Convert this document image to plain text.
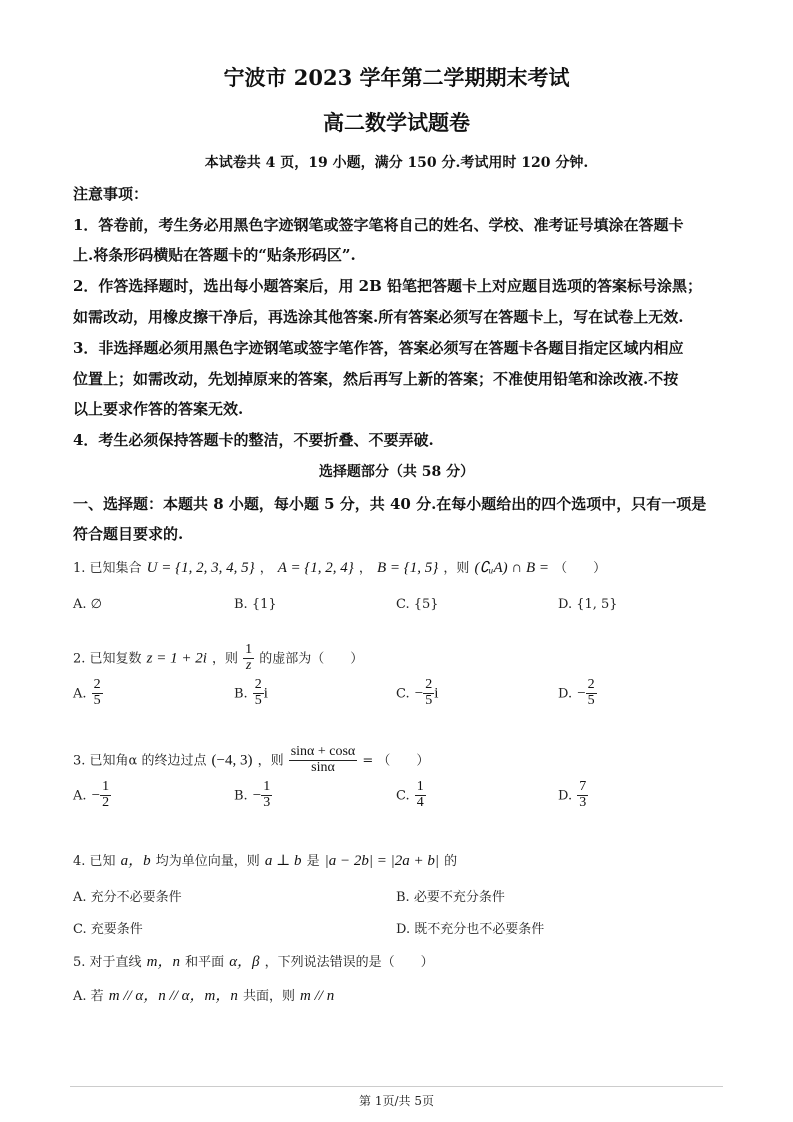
宁波市 2023 学年第二学期期末考试
高二数学试题卷
本试卷共 4 页，19 小题，满分 150 分.考试用时 120 分钟.
注意事项：
1．答卷前，考生务必用黑色字迹钢笔或签字笔将自己的姓名、学校、准考证号填涂在答题卡
上.将条形码横贴在答题卡的“贴条形码区”.
2．作答选择题时，选出每小题答案后，用 2B 铅笔把答题卡上对应题目选项的答案标号涂黑；
如需改动，用橡皮擦干净后，再选涂其他答案.所有答案必须写在答题卡上，写在试卷上无效.
3．非选择题必须用黑色字迹钢笔或签字笔作答，答案必须写在答题卡各题目指定区域内相应
位置上；如需改动，先划掉原来的答案，然后再写上新的答案；不准使用铅笔和涂改液.不按
以上要求作答的答案无效.
4．考生必须保持答题卡的整洁，不要折叠、不要弄破.
选择题部分（共 58 分）
一、选择题：本题共 8 小题，每小题 5 分，共 40 分.在每小题给出的四个选项中，只有一项是
符合题目要求的.
1. 已知集合 U = {1, 2, 3, 4, 5} ， A = {1, 2, 4} ， B = {1, 5} ，则 (∁ᵤA) ∩ B = （　　）
A. ∅	B. {1}	C. {5}	D. {1, 5}
2. 已知复数 z = 1 + 2i ，则 $\frac{1}{z}$ 的虚部为（　　）
A. $\frac{2}{5}$	B. $\frac{2}{5}$ i	C. − $\frac{2}{5}$ i	D. − $\frac{2}{5}$
3. 已知角α 的终边过点 (−4, 3) ，则 $\frac{\sin\alpha + \cos\alpha}{\sin\alpha}$ = （　　）
A. − $\frac{1}{2}$	B. − $\frac{1}{3}$	C. $\frac{1}{4}$	D. $\frac{7}{3}$
4. 已知 a，b 均为单位向量，则 a ⊥ b 是 |a − 2b| = |2a + b| 的
A. 充分不必要条件	B. 必要不充分条件
C. 充要条件	D. 既不充分也不必要条件
5. 对于直线 m，n 和平面 α，β ，下列说法错误的是（　　）
A. 若 m // α，n // α，m，n 共面，则 m // n
第 1页/共 5页
